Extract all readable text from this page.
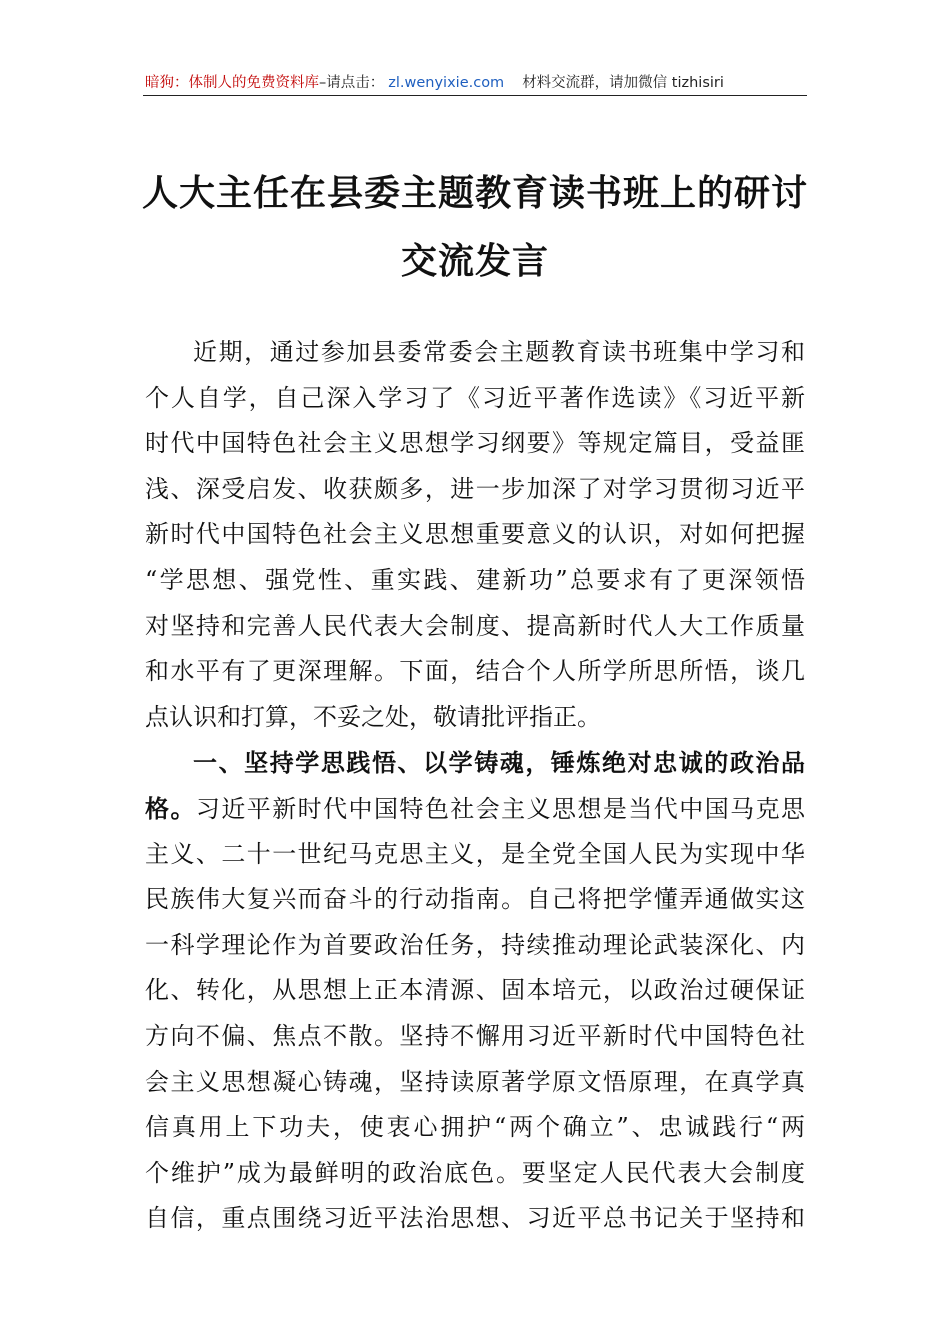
暗狗：体制人的免费资料库–请点击： zl.wenyixie.com 材料交流群，请加微信 tizhisiri
人大主任在县委主题教育读书班上的研讨
交流发言
近期，通过参加县委常委会主题教育读书班集中学习和
个人自学，自己深入学习了《习近平著作选读》《习近平新
时代中国特色社会主义思想学习纲要》等规定篇目，受益匪
浅、深受启发、收获颇多，进一步加深了对学习贯彻习近平
新时代中国特色社会主义思想重要意义的认识，对如何把握
“学思想、强党性、重实践、建新功”总要求有了更深领悟
对坚持和完善人民代表大会制度、提高新时代人大工作质量
和水平有了更深理解。下面，结合个人所学所思所悟，谈几
点认识和打算，不妥之处，敬请批评指正。
一、坚持学思践悟、以学铸魂，锤炼绝对忠诚的政治品
格。习近平新时代中国特色社会主义思想是当代中国马克思
主义、二十一世纪马克思主义，是全党全国人民为实现中华
民族伟大复兴而奋斗的行动指南。自己将把学懂弄通做实这
一科学理论作为首要政治任务，持续推动理论武装深化、内
化、转化，从思想上正本清源、固本培元，以政治过硬保证
方向不偏、焦点不散。坚持不懈用习近平新时代中国特色社
会主义思想凝心铸魂，坚持读原著学原文悟原理，在真学真
信真用上下功夫，使衷心拥护“两个确立”、忠诚践行“两
个维护”成为最鲜明的政治底色。要坚定人民代表大会制度
自信，重点围绕习近平法治思想、习近平总书记关于坚持和
